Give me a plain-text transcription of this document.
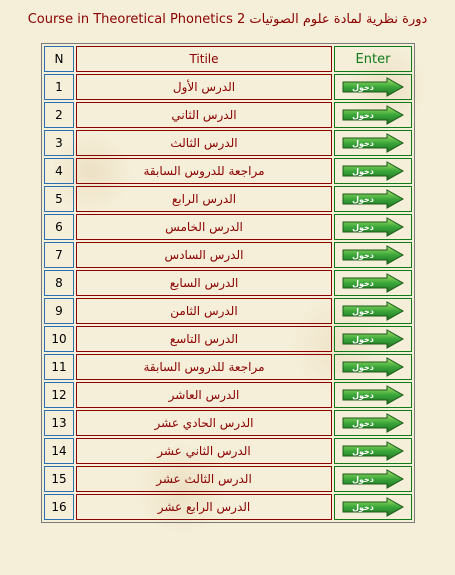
Course in Theoretical Phonetics 2 دورة نظرية لمادة علوم الصوتيات
N	Titile	Enter
1	الدرس الأول	دخول

2	الدرس الثاني	دخول

3	الدرس الثالث	دخول

4	مراجعة للدروس السابقة	دخول

5	الدرس الرابع	دخول

6	الدرس الخامس	دخول

7	الدرس السادس	دخول

8	الدرس السابع	دخول

9	الدرس الثامن	دخول

10	الدرس التاسع	دخول

11	مراجعة للدروس السابقة	دخول

12	الدرس العاشر	دخول

13	الدرس الحادي عشر	دخول

14	الدرس الثاني عشر	دخول

15	الدرس الثالث عشر	دخول

16	الدرس الرابع عشر	دخول
